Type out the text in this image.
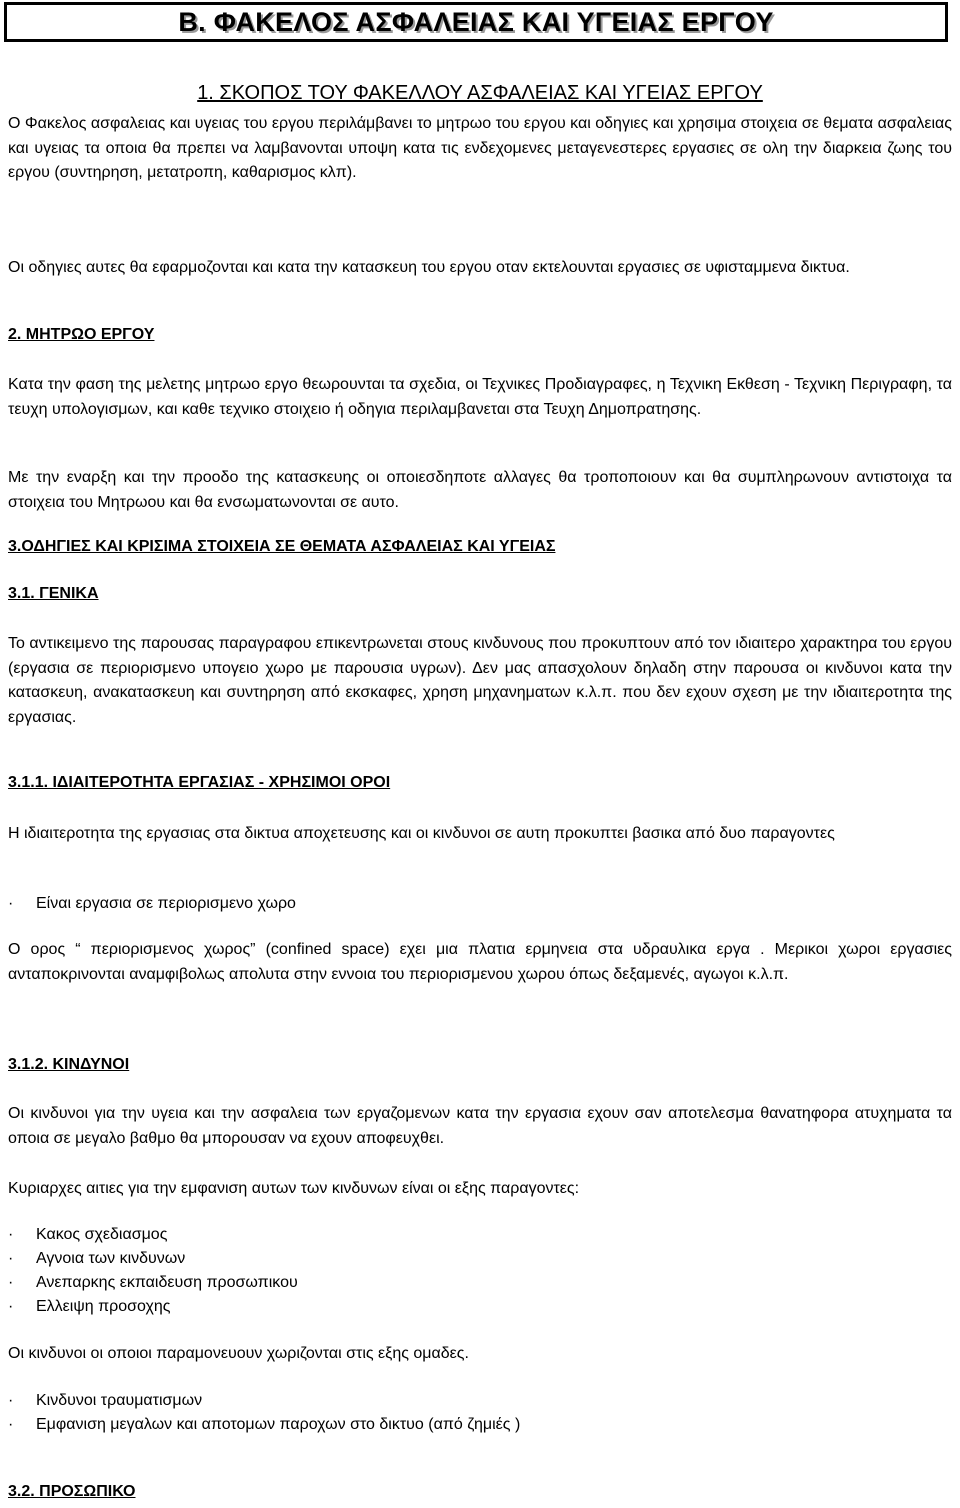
Β. ΦΑΚΕΛΟΣ ΑΣΦΑΛΕΙΑΣ ΚΑΙ ΥΓΕΙΑΣ ΕΡΓΟΥ
1. ΣΚΟΠΟΣ ΤΟΥ ΦΑΚΕΛΛΟΥ ΑΣΦΑΛΕΙΑΣ ΚΑΙ ΥΓΕΙΑΣ ΕΡΓΟΥ

Ο Φακελος ασφαλειας και υγειας του εργου περιλάμβανει το μητρωο του εργου και οδηγιες και χρησιμα στοιχεια σε θεματα ασφαλειας και υγειας τα οποια θα πρεπει να λαμβανονται υποψη κατα τις ενδεχομενες μεταγενεστερες εργασιες σε ολη την διαρκεια ζωης του εργου (συντηρηση, μετατροπη, καθαρισμος κλπ).

Οι οδηγιες αυτες θα εφαρμοζονται και κατα την κατασκευη του εργου οταν εκτελουνται εργασιες σε υφισταμμενα δικτυα.

2. ΜΗΤΡΩΟ ΕΡΓΟΥ

Κατα την φαση της μελετης μητρωο εργο θεωρουνται τα σχεδια, οι Τεχνικες Προδιαγραφες, η Τεχνικη Εκθεση - Τεχνικη Περιγραφη, τα τευχη υπολογισμων, και καθε τεχνικο στοιχειο ή οδηγια περιλαμβανεται στα Τευχη Δημοπρατησης.

Με την εναρξη και την προοδο της κατασκευης οι οποιεσδηποτε αλλαγες θα τροποποιουν και θα συμπληρωνουν αντιστοιχα τα στοιχεια του Μητρωου και θα ενσωματωνονται σε αυτο.

3.ΟΔΗΓΙΕΣ ΚΑΙ ΚΡΙΣΙΜΑ ΣΤΟΙΧΕΙΑ ΣΕ ΘΕΜΑΤΑ ΑΣΦΑΛΕΙΑΣ ΚΑΙ ΥΓΕΙΑΣ

3.1. ΓΕΝΙΚΑ

Το αντικειμενο της παρουσας παραγραφου επικεντρωνεται στους κινδυνους που προκυπτουν από τον ιδιαιτερο χαρακτηρα του εργου (εργασια σε περιορισμενο υπογειο χωρο με παρουσια υγρων). Δεν μας απασχολουν δηλαδη στην παρουσα οι κινδυνοι κατα την κατασκευη, ανακατασκευη και συντηρηση από εκσκαφες, χρηση μηχανηματων κ.λ.π. που δεν εχουν σχεση με την ιδιαιτεροτητα της εργασιας.

3.1.1. ΙΔΙΑΙΤΕΡΟΤΗΤΑ ΕΡΓΑΣΙΑΣ - ΧΡΗΣΙΜΟΙ ΟΡΟΙ

Η ιδιαιτεροτητα της εργασιας στα δικτυα αποχετευσης και οι κινδυνοι σε αυτη προκυπτει βασικα από δυο παραγοντες

· Είναι εργασια σε περιορισμενο χωρο

Ο ορος “ περιορισμενος χωρος” (confined space) εχει μια πλατια ερμηνεια στα υδραυλικα εργα . Μερικοι χωροι εργασιες ανταποκρινονται αναμφιβολως απολυτα στην εννοια του περιορισμενου χωρου όπως δεξαμενές, αγωγοι κ.λ.π.

3.1.2. ΚΙΝΔΥΝΟΙ

Οι κινδυνοι για την υγεια και την ασφαλεια των εργαζομενων κατα την εργασια εχουν σαν αποτελεσμα θανατηφορα ατυχηματα τα οποια σε μεγαλο βαθμο θα μπορουσαν να εχουν αποφευχθει.

Κυριαρχες αιτιες για την εμφανιση αυτων των κινδυνων είναι οι εξης παραγοντες:

· Κακος σχεδιασμος

· Αγνοια των κινδυνων

· Ανεπαρκης εκπαιδευση προσωπικου

· Ελλειψη προσοχης

Οι κινδυνοι οι οποιοι παραμονευουν χωριζονται στις εξης ομαδες.

· Κινδυνοι τραυματισμων

· Εμφανιση μεγαλων και αποτομων παροχων στο δικτυο (από ζημιές )

3.2. ΠΡΟΣΩΠΙΚΟ
